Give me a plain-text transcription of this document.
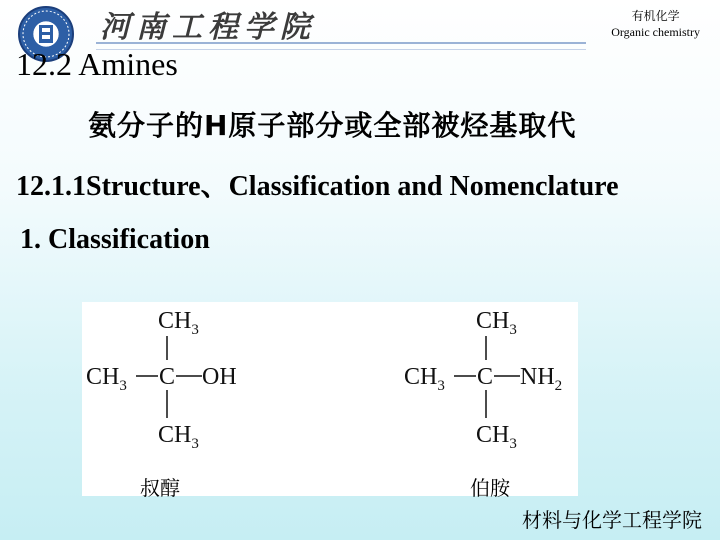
河南工程学院	有机化学
Organic chemistry
12.2 Amines
氨分子的H原子部分或全部被烃基取代
12.1.1Structure、Classification and Nomenclature
1. Classification
$CH_3$
$CH_3$ C OH
$CH_3$
$CH_3$
$CH_3$ C $NH_2$
$CH_3$
叔醇	伯胺
材料与化学工程学院
